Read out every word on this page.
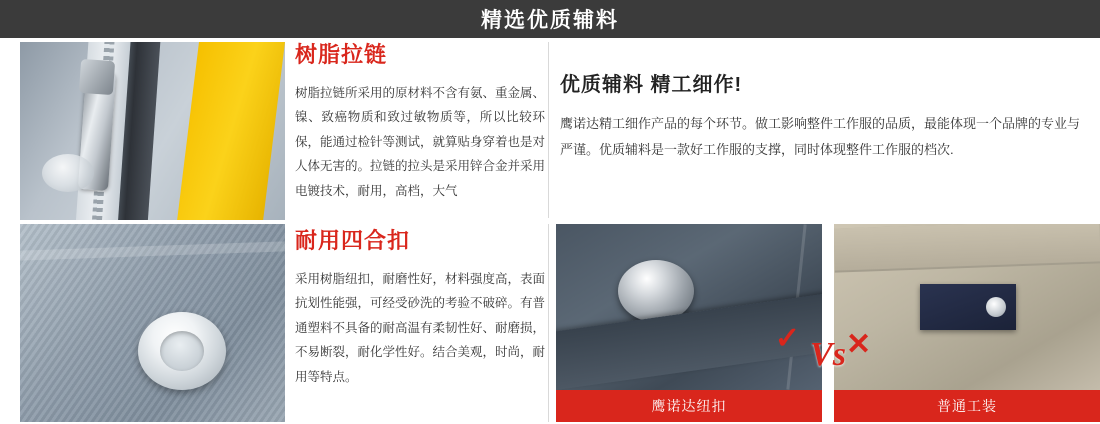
精选优质辅料
树脂拉链

树脂拉链所采用的原材料不含有氨、重金属、镍、致癌物质和致过敏物质等，所以比较环保，能通过检针等测试，就算贴身穿着也是对人体无害的。拉链的拉头是采用锌合金并采用电镀技术，耐用，高档，大气

优质辅料 精工细作!

鹰诺达精工细作产品的每个环节。做工影响整件工作服的品质，最能体现一个品牌的专业与严谨。优质辅料是一款好工作服的支撑，同时体现整件工作服的档次.

耐用四合扣

采用树脂纽扣，耐磨性好，材料强度高，表面抗划性能强，可经受砂洗的考验不破碎。有普通塑料不具备的耐高温有柔韧性好、耐磨损，不易断裂，耐化学性好。结合美观，时尚，耐用等特点。

✓
鹰诺达纽扣
Vs ✕
普通工装
